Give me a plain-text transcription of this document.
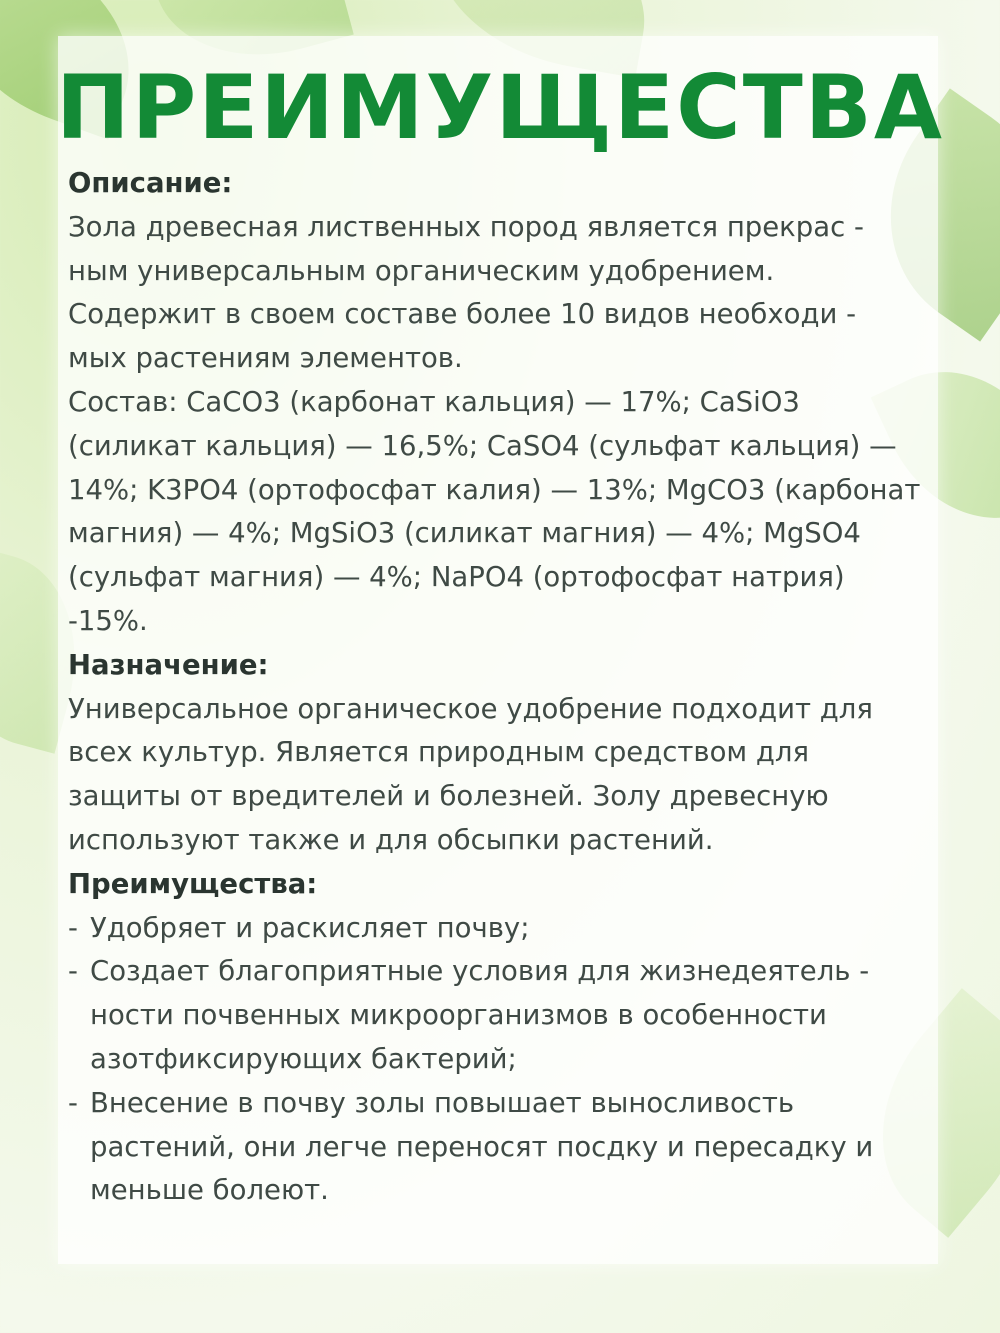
ПРЕИМУЩЕСТВА
Описание:
Зола древесная лиственных пород является прекрас -
ным универсальным органическим удобрением.
Содержит в своем составе более 10 видов необходи -
мых растениям элементов.
Состав: CaCO3 (карбонат кальция) — 17%; CaSiO3
(силикат кальция) — 16,5%; CaSO4 (сульфат кальция) —
14%; K3PO4 (ортофосфат калия) — 13%; MgCO3 (карбонат
магния) — 4%; MgSiO3 (силикат магния) — 4%; MgSO4
(сульфат магния) — 4%; NaPO4 (ортофосфат натрия)
-15%.
Назначение:
Универсальное органическое удобрение подходит для
всех культур. Является природным средством для
защиты от вредителей и болезней. Золу древесную
используют также и для обсыпки растений.
Преимущества:
- Удобряет и раскисляет почву;
- Создает благоприятные условия для жизнедеятель -
ности почвенных микроорганизмов в особенности
азотфиксирующих бактерий;
- Внесение в почву золы повышает выносливость
растений, они легче переносят посдку и пересадку и
меньше болеют.
